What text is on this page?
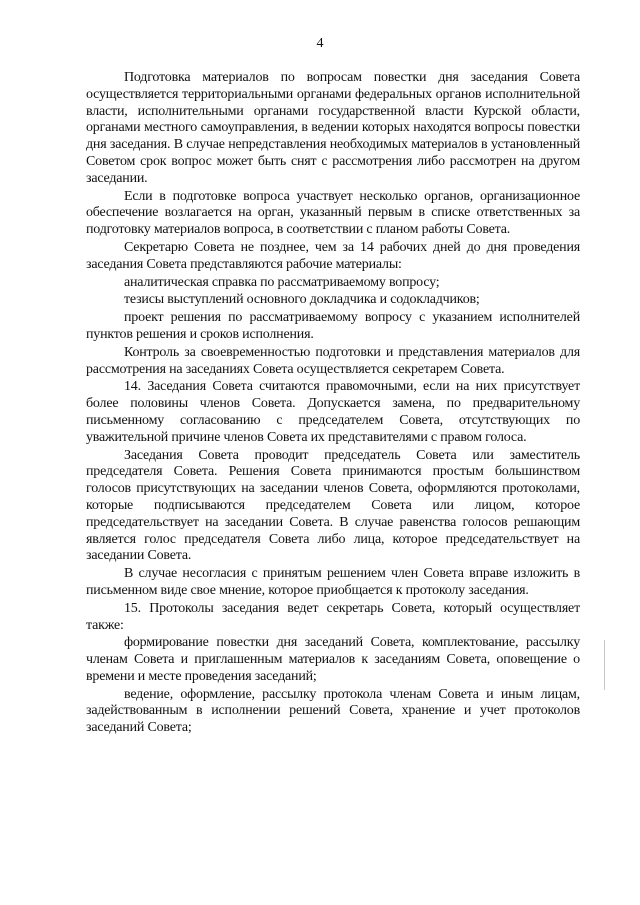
4

Подготовка материалов по вопросам повестки дня заседания Совета осуществляется территориальными органами федеральных органов исполнительной власти, исполнительными органами государственной власти Курской области, органами местного самоуправления, в ведении которых находятся вопросы повестки дня заседания. В случае непредставления необходимых материалов в установленный Советом срок вопрос может быть снят с рассмотрения либо рассмотрен на другом заседании.

Если в подготовке вопроса участвует несколько органов, организационное обеспечение возлагается на орган, указанный первым в списке ответственных за подготовку материалов вопроса, в соответствии с планом работы Совета.

Секретарю Совета не позднее, чем за 14 рабочих дней до дня проведения заседания Совета представляются рабочие материалы:

аналитическая справка по рассматриваемому вопросу;

тезисы выступлений основного докладчика и содокладчиков;

проект решения по рассматриваемому вопросу с указанием исполнителей пунктов решения и сроков исполнения.

Контроль за своевременностью подготовки и представления материалов для рассмотрения на заседаниях Совета осуществляется секретарем Совета.

14. Заседания Совета считаются правомочными, если на них присутствует более половины членов Совета. Допускается замена, по предварительному письменному согласованию с председателем Совета, отсутствующих по уважительной причине членов Совета их представителями с правом голоса.

Заседания Совета проводит председатель Совета или заместитель председателя Совета. Решения Совета принимаются простым большинством голосов присутствующих на заседании членов Совета, оформляются протоколами, которые подписываются председателем Совета или лицом, которое председательствует на заседании Совета. В случае равенства голосов решающим является голос председателя Совета либо лица, которое председательствует на заседании Совета.

В случае несогласия с принятым решением член Совета вправе изложить в письменном виде свое мнение, которое приобщается к протоколу заседания.

15. Протоколы заседания ведет секретарь Совета, который осуществляет также:

формирование повестки дня заседаний Совета, комплектование, рассылку членам Совета и приглашенным материалов к заседаниям Совета, оповещение о времени и месте проведения заседаний;

ведение, оформление, рассылку протокола членам Совета и иным лицам, задействованным в исполнении решений Совета, хранение и учет протоколов заседаний Совета;
